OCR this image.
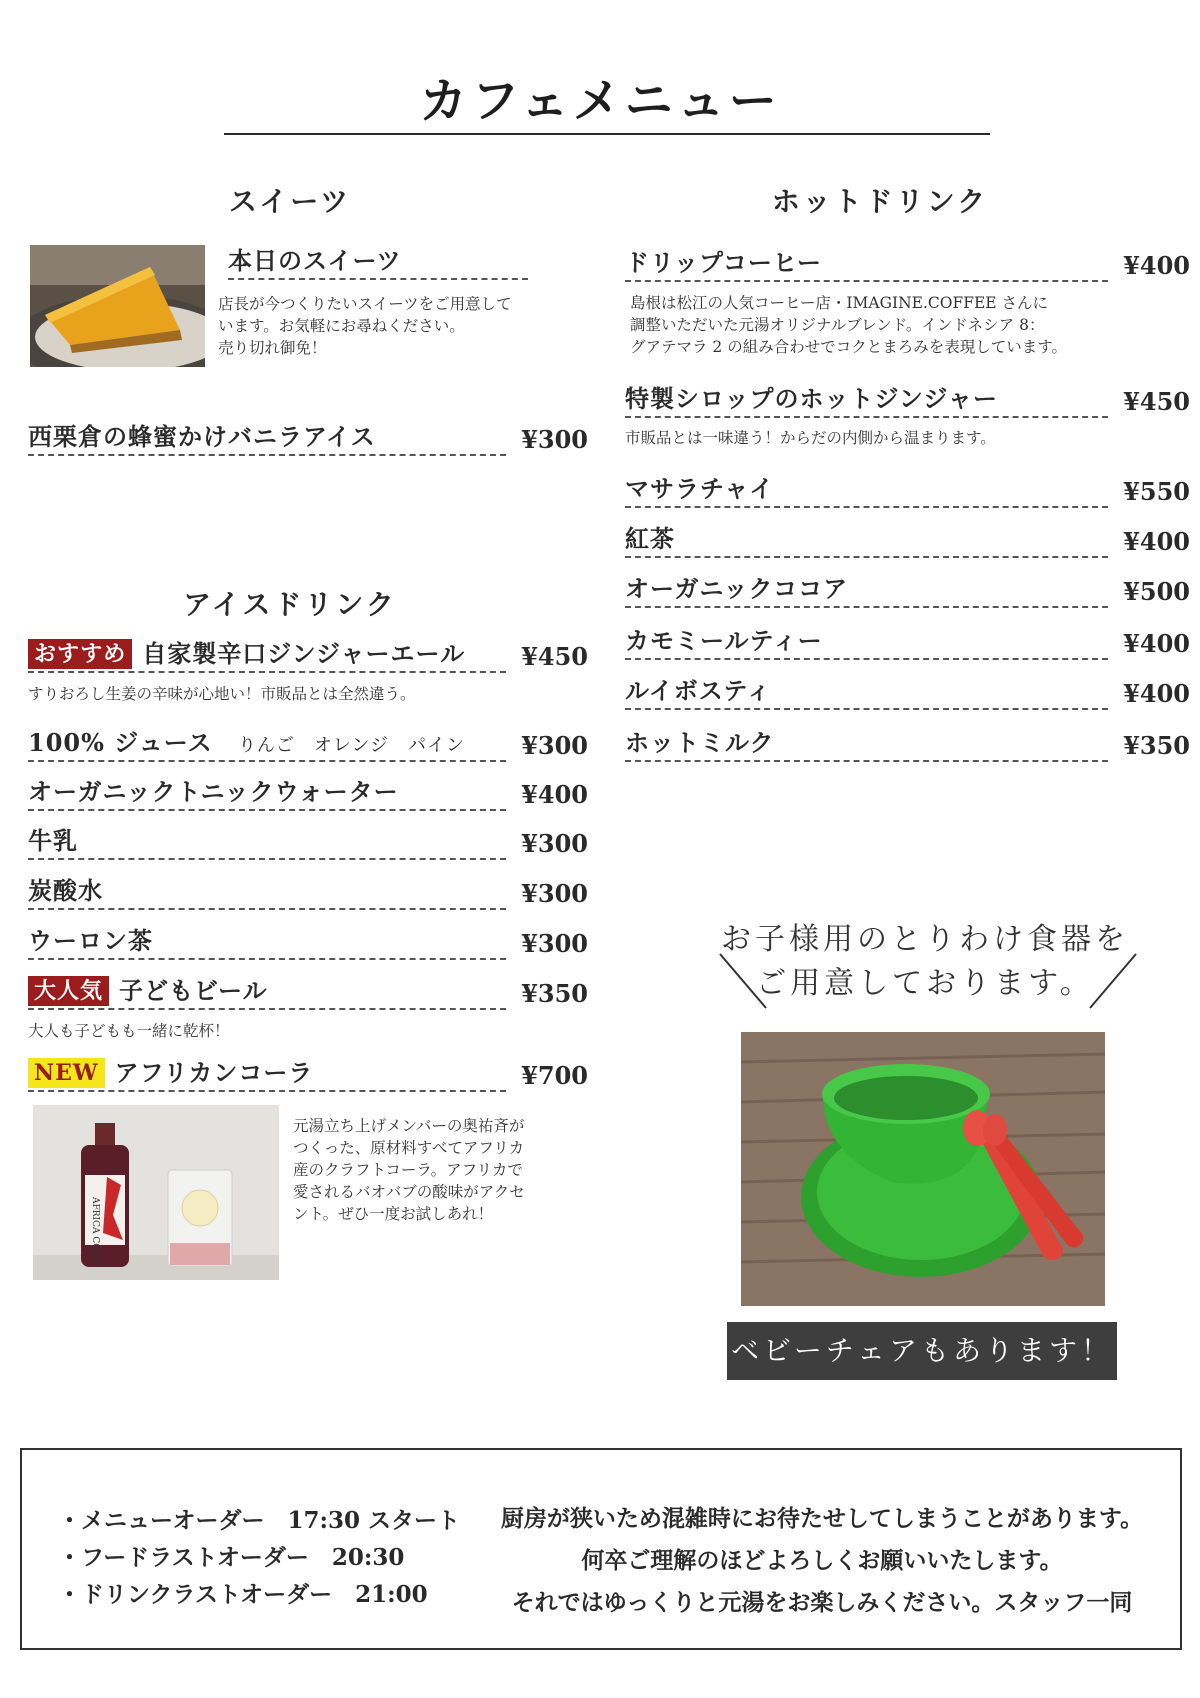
カフェメニュー
スイーツ
本日のスイーツ
店長が今つくりたいスイーツをご用意して
います。お気軽にお尋ねください。
売り切れ御免！
西栗倉の蜂蜜かけバニラアイス	¥300
アイスドリンク
おすすめ 自家製辛口ジンジャーエール	¥450
すりおろし生姜の辛味が心地い！市販品とは全然違う。
100% ジュース りんご　オレンジ　パイン	¥300
オーガニックトニックウォーター	¥400
牛乳	¥300
炭酸水	¥300
ウーロン茶	¥300
大人気 子どもビール	¥350
大人も子どもも一緒に乾杯！
NEW アフリカンコーラ	¥700
AFRICA COLA
元湯立ち上げメンバーの奥祐斉が
つくった、原材料すべてアフリカ
産のクラフトコーラ。アフリカで
愛されるバオバブの酸味がアクセ
ント。ぜひ一度お試しあれ！
ホットドリンク
ドリップコーヒー	¥400
島根は松江の人気コーヒー店・IMAGINE.COFFEE さんに
調整いただいた元湯オリジナルブレンド。インドネシア 8：
グアテマラ 2 の組み合わせでコクとまろみを表現しています。
特製シロップのホットジンジャー	¥450
市販品とは一味違う！からだの内側から温まります。
マサラチャイ	¥550
紅茶	¥400
オーガニックココア	¥500
カモミールティー	¥400
ルイボスティ	¥400
ホットミルク	¥350
お子様用のとりわけ食器を
ご用意しております。
ベビーチェアもあります！
・メニューオーダー　17:30 スタート
・フードラストオーダー　20:30
・ドリンクラストオーダー　21:00
厨房が狭いため混雑時にお待たせしてしまうことがあります。
何卒ご理解のほどよろしくお願いいたします。
それではゆっくりと元湯をお楽しみください。スタッフ一同
